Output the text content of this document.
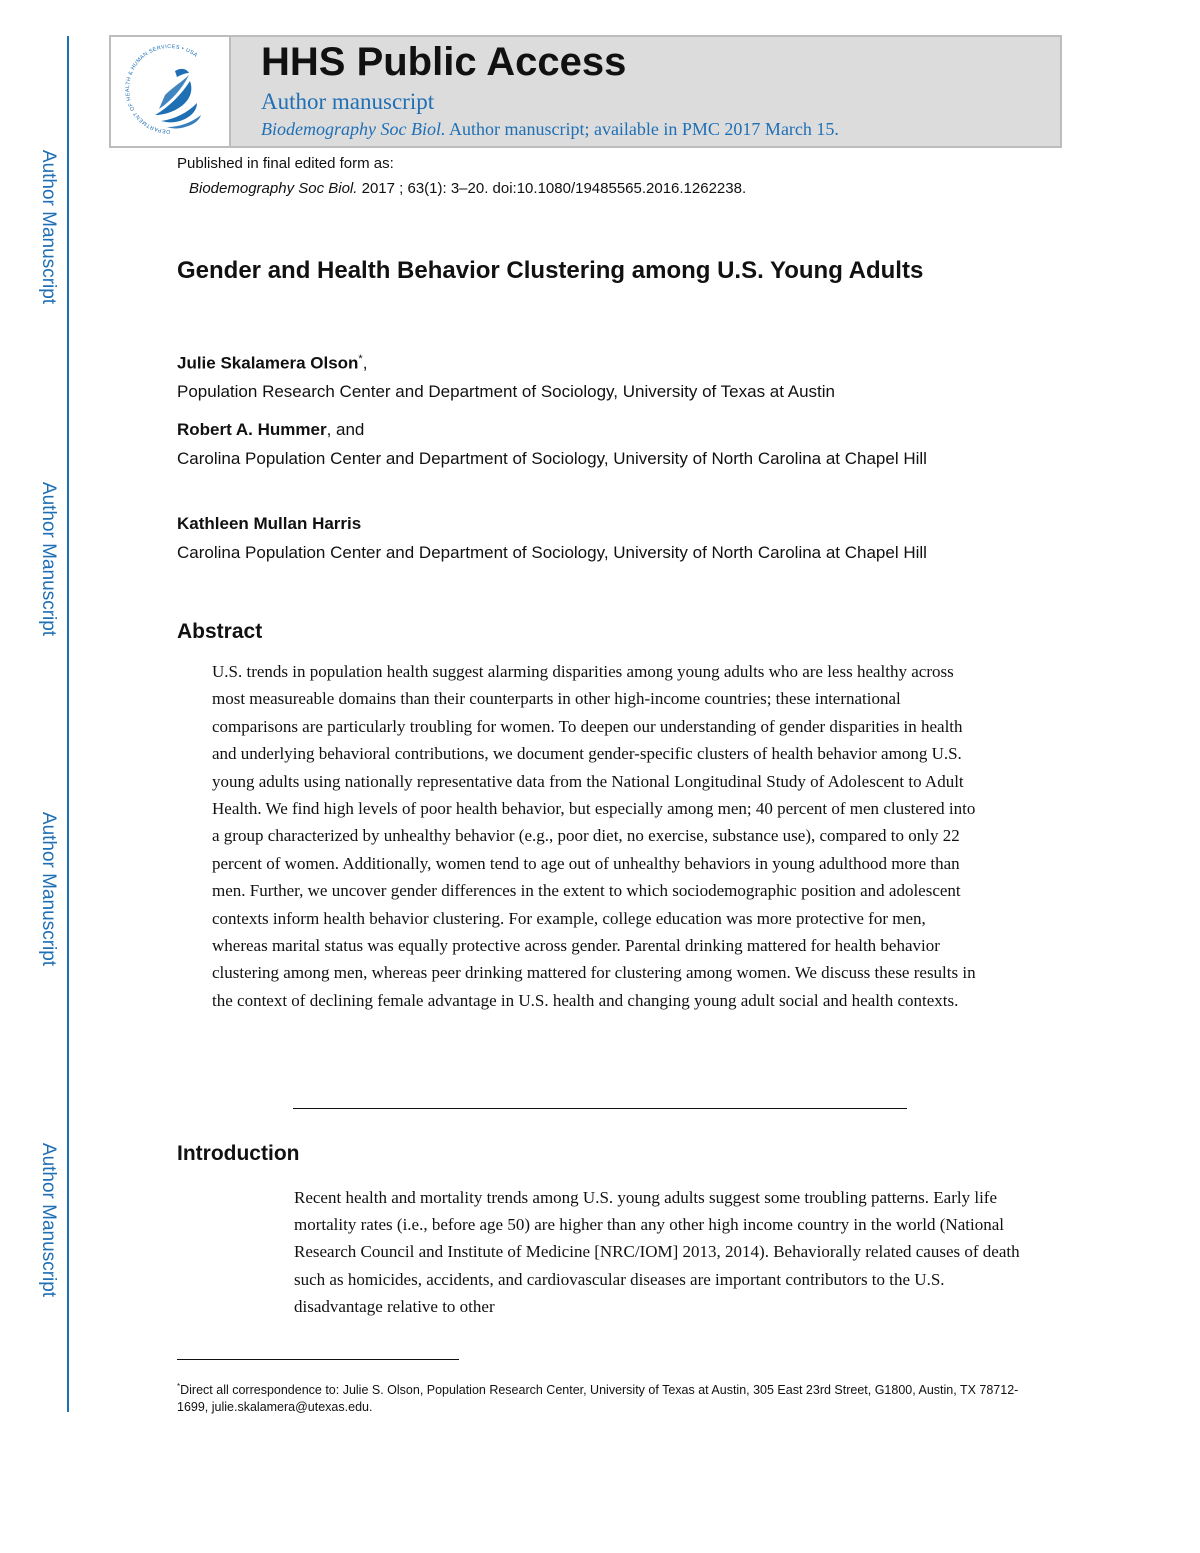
Author Manuscript
Author Manuscript
Author Manuscript
Author Manuscript
DEPARTMENT OF HEALTH & HUMAN SERVICES • USA HHS Public Access
Author manuscript
Biodemography Soc Biol. Author manuscript; available in PMC 2017 March 15.
Published in final edited form as:
Biodemography Soc Biol. 2017 ; 63(1): 3–20. doi:10.1080/19485565.2016.1262238.
Gender and Health Behavior Clustering among U.S. Young Adults
Julie Skalamera Olson*,

Population Research Center and Department of Sociology, University of Texas at Austin

Robert A. Hummer, and

Carolina Population Center and Department of Sociology, University of North Carolina at Chapel Hill

Kathleen Mullan Harris

Carolina Population Center and Department of Sociology, University of North Carolina at Chapel Hill

Abstract

U.S. trends in population health suggest alarming disparities among young adults who are less healthy across most measureable domains than their counterparts in other high-income countries; these international comparisons are particularly troubling for women. To deepen our understanding of gender disparities in health and underlying behavioral contributions, we document gender-specific clusters of health behavior among U.S. young adults using nationally representative data from the National Longitudinal Study of Adolescent to Adult Health. We find high levels of poor health behavior, but especially among men; 40 percent of men clustered into a group characterized by unhealthy behavior (e.g., poor diet, no exercise, substance use), compared to only 22 percent of women. Additionally, women tend to age out of unhealthy behaviors in young adulthood more than men. Further, we uncover gender differences in the extent to which sociodemographic position and adolescent contexts inform health behavior clustering. For example, college education was more protective for men, whereas marital status was equally protective across gender. Parental drinking mattered for health behavior clustering among men, whereas peer drinking mattered for clustering among women. We discuss these results in the context of declining female advantage in U.S. health and changing young adult social and health contexts.

Introduction

Recent health and mortality trends among U.S. young adults suggest some troubling patterns. Early life mortality rates (i.e., before age 50) are higher than any other high income country in the world (National Research Council and Institute of Medicine [NRC/IOM] 2013, 2014). Behaviorally related causes of death such as homicides, accidents, and cardiovascular diseases are important contributors to the U.S. disadvantage relative to other

*Direct all correspondence to: Julie S. Olson, Population Research Center, University of Texas at Austin, 305 East 23rd Street, G1800, Austin, TX 78712-1699, julie.skalamera@utexas.edu.
